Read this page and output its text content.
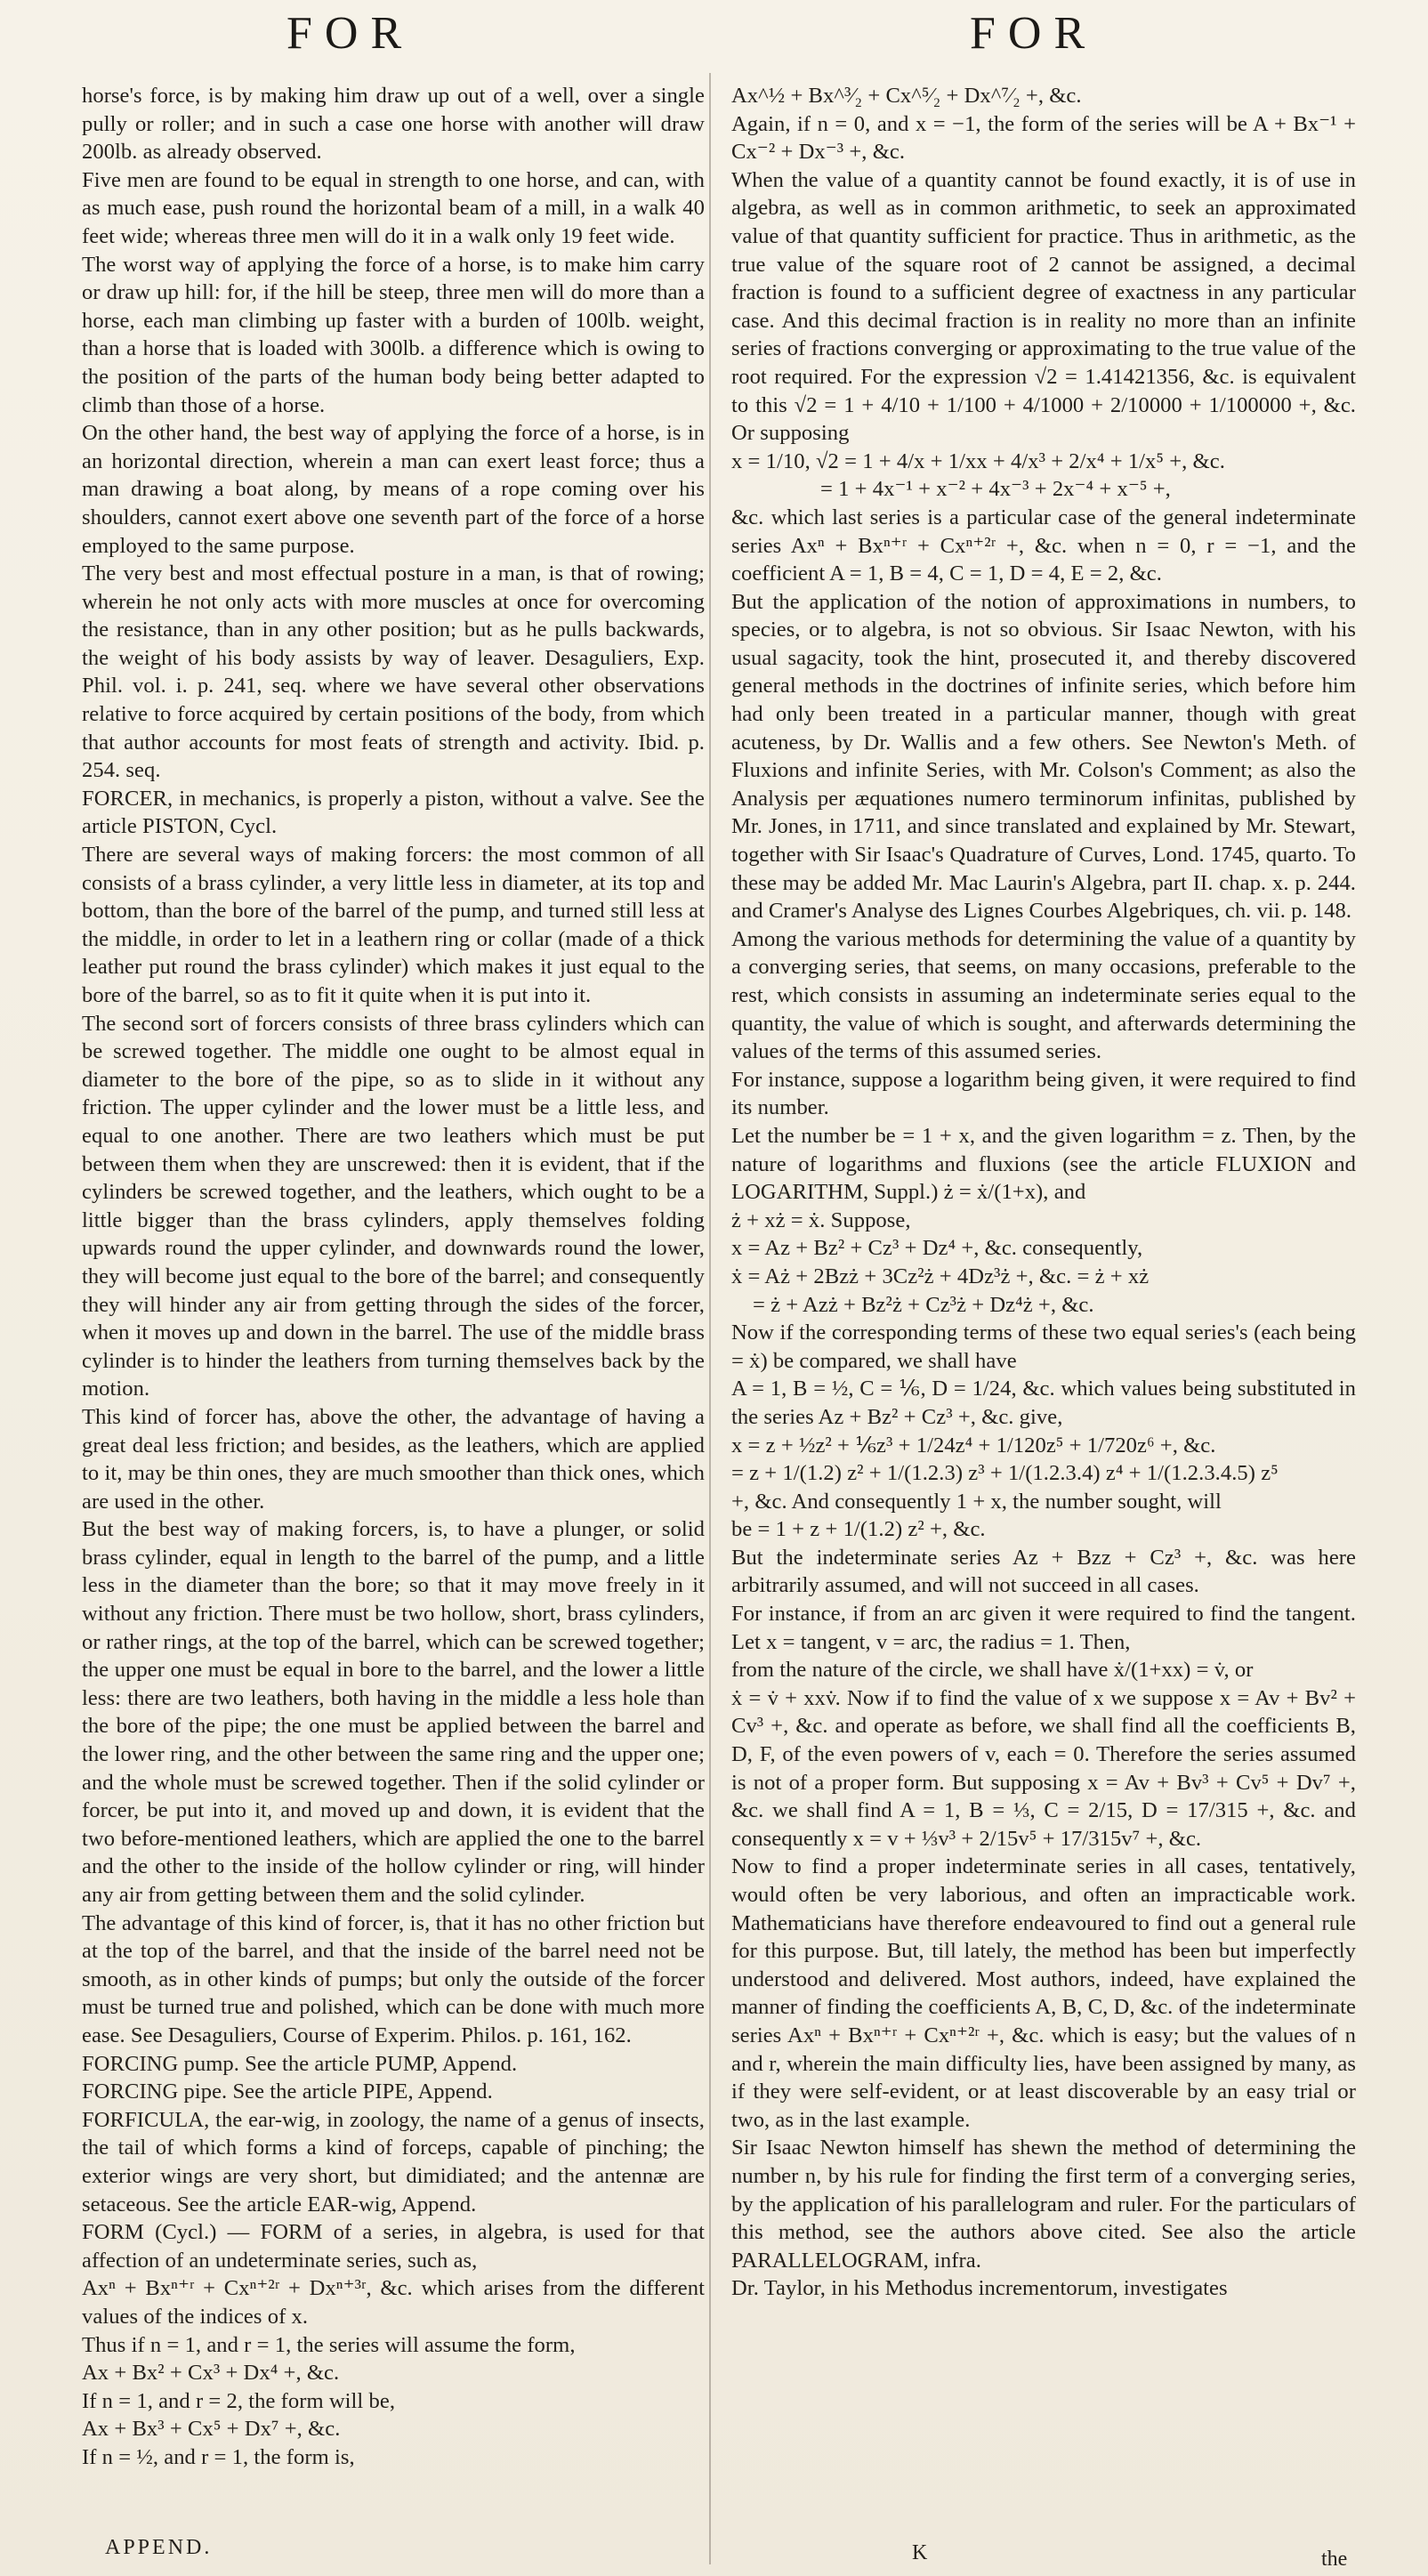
FOR	FOR

horse's force, is by making him draw up out of a well, over a single pully or roller; and in such a case one horse with another will draw 200lb. as already observed.

Five men are found to be equal in strength to one horse, and can, with as much ease, push round the horizontal beam of a mill, in a walk 40 feet wide; whereas three men will do it in a walk only 19 feet wide.

The worst way of applying the force of a horse, is to make him carry or draw up hill: for, if the hill be steep, three men will do more than a horse, each man climbing up faster with a burden of 100lb. weight, than a horse that is loaded with 300lb. a difference which is owing to the position of the parts of the human body being better adapted to climb than those of a horse.

On the other hand, the best way of applying the force of a horse, is in an horizontal direction, wherein a man can exert least force; thus a man drawing a boat along, by means of a rope coming over his shoulders, cannot exert above one seventh part of the force of a horse employed to the same purpose.

The very best and most effectual posture in a man, is that of rowing; wherein he not only acts with more muscles at once for overcoming the resistance, than in any other position; but as he pulls backwards, the weight of his body assists by way of leaver. Desaguliers, Exp. Phil. vol. i. p. 241, seq. where we have several other observations relative to force acquired by certain positions of the body, from which that author accounts for most feats of strength and activity. Ibid. p. 254. seq.

FORCER, in mechanics, is properly a piston, without a valve. See the article PISTON, Cycl.

There are several ways of making forcers: the most common of all consists of a brass cylinder, a very little less in diameter, at its top and bottom, than the bore of the barrel of the pump, and turned still less at the middle, in order to let in a leathern ring or collar (made of a thick leather put round the brass cylinder) which makes it just equal to the bore of the barrel, so as to fit it quite when it is put into it.

The second sort of forcers consists of three brass cylinders which can be screwed together. The middle one ought to be almost equal in diameter to the bore of the pipe, so as to slide in it without any friction. The upper cylinder and the lower must be a little less, and equal to one another. There are two leathers which must be put between them when they are unscrewed: then it is evident, that if the cylinders be screwed together, and the leathers, which ought to be a little bigger than the brass cylinders, apply themselves folding upwards round the upper cylinder, and downwards round the lower, they will become just equal to the bore of the barrel; and consequently they will hinder any air from getting through the sides of the forcer, when it moves up and down in the barrel. The use of the middle brass cylinder is to hinder the leathers from turning themselves back by the motion.

This kind of forcer has, above the other, the advantage of having a great deal less friction; and besides, as the leathers, which are applied to it, may be thin ones, they are much smoother than thick ones, which are used in the other.

But the best way of making forcers, is, to have a plunger, or solid brass cylinder, equal in length to the barrel of the pump, and a little less in the diameter than the bore; so that it may move freely in it without any friction. There must be two hollow, short, brass cylinders, or rather rings, at the top of the barrel, which can be screwed together; the upper one must be equal in bore to the barrel, and the lower a little less: there are two leathers, both having in the middle a less hole than the bore of the pipe; the one must be applied between the barrel and the lower ring, and the other between the same ring and the upper one; and the whole must be screwed together. Then if the solid cylinder or forcer, be put into it, and moved up and down, it is evident that the two before-mentioned leathers, which are applied the one to the barrel and the other to the inside of the hollow cylinder or ring, will hinder any air from getting between them and the solid cylinder.

The advantage of this kind of forcer, is, that it has no other friction but at the top of the barrel, and that the inside of the barrel need not be smooth, as in other kinds of pumps; but only the outside of the forcer must be turned true and polished, which can be done with much more ease. See Desaguliers, Course of Experim. Philos. p. 161, 162.

FORCING pump. See the article PUMP, Append.

FORCING pipe. See the article PIPE, Append.

FORFICULA, the ear-wig, in zoology, the name of a genus of insects, the tail of which forms a kind of forceps, capable of pinching; the exterior wings are very short, but dimidiated; and the antennæ are setaceous. See the article EAR-wig, Append.

FORM (Cycl.) — FORM of a series, in algebra, is used for that affection of an undeterminate series, such as,

Axⁿ + Bxⁿ⁺ʳ + Cxⁿ⁺²ʳ + Dxⁿ⁺³ʳ, &c. which arises from the different values of the indices of x.

Thus if n = 1, and r = 1, the series will assume the form,

Ax + Bx² + Cx³ + Dx⁴ +, &c.

If n = 1, and r = 2, the form will be,

Ax + Bx³ + Cx⁵ + Dx⁷ +, &c.

If n = ½, and r = 1, the form is,

Ax^½ + Bx^³⁄₂ + Cx^⁵⁄₂ + Dx^⁷⁄₂ +, &c.

Again, if n = 0, and x = −1, the form of the series will be A + Bx⁻¹ + Cx⁻² + Dx⁻³ +, &c.

When the value of a quantity cannot be found exactly, it is of use in algebra, as well as in common arithmetic, to seek an approximated value of that quantity sufficient for practice. Thus in arithmetic, as the true value of the square root of 2 cannot be assigned, a decimal fraction is found to a sufficient degree of exactness in any particular case. And this decimal fraction is in reality no more than an infinite series of fractions converging or approximating to the true value of the root required. For the expression √2 = 1.41421356, &c. is equivalent to this √2 = 1 + 4/10 + 1/100 + 4/1000 + 2/10000 + 1/100000 +, &c. Or supposing

x = 1/10, √2 = 1 + 4/x + 1/xx + 4/x³ + 2/x⁴ + 1/x⁵ +, &c.

= 1 + 4x⁻¹ + x⁻² + 4x⁻³ + 2x⁻⁴ + x⁻⁵ +,

&c. which last series is a particular case of the general indeterminate series Axⁿ + Bxⁿ⁺ʳ + Cxⁿ⁺²ʳ +, &c. when n = 0, r = −1, and the coefficient A = 1, B = 4, C = 1, D = 4, E = 2, &c.

But the application of the notion of approximations in numbers, to species, or to algebra, is not so obvious. Sir Isaac Newton, with his usual sagacity, took the hint, prosecuted it, and thereby discovered general methods in the doctrines of infinite series, which before him had only been treated in a particular manner, though with great acuteness, by Dr. Wallis and a few others. See Newton's Meth. of Fluxions and infinite Series, with Mr. Colson's Comment; as also the Analysis per æquationes numero terminorum infinitas, published by Mr. Jones, in 1711, and since translated and explained by Mr. Stewart, together with Sir Isaac's Quadrature of Curves, Lond. 1745, quarto. To these may be added Mr. Mac Laurin's Algebra, part II. chap. x. p. 244. and Cramer's Analyse des Lignes Courbes Algebriques, ch. vii. p. 148.

Among the various methods for determining the value of a quantity by a converging series, that seems, on many occasions, preferable to the rest, which consists in assuming an indeterminate series equal to the quantity, the value of which is sought, and afterwards determining the values of the terms of this assumed series.

For instance, suppose a logarithm being given, it were required to find its number.

Let the number be = 1 + x, and the given logarithm = z. Then, by the nature of logarithms and fluxions (see the article FLUXION and LOGARITHM, Suppl.) ż = ẋ/(1+x), and

ż + xż = ẋ. Suppose,

x = Az + Bz² + Cz³ + Dz⁴ +, &c. consequently,

ẋ = Aż + 2Bzż + 3Cz²ż + 4Dz³ż +, &c. = ż + xż

= ż + Azż + Bz²ż + Cz³ż + Dz⁴ż +, &c.

Now if the corresponding terms of these two equal series's (each being = ẋ) be compared, we shall have

A = 1, B = ½, C = ⅙, D = 1/24, &c. which values being substituted in the series Az + Bz² + Cz³ +, &c. give,

x = z + ½z² + ⅙z³ + 1/24z⁴ + 1/120z⁵ + 1/720z⁶ +, &c.

= z + 1/(1.2) z² + 1/(1.2.3) z³ + 1/(1.2.3.4) z⁴ + 1/(1.2.3.4.5) z⁵

+, &c. And consequently 1 + x, the number sought, will

be = 1 + z + 1/(1.2) z² +, &c.

But the indeterminate series Az + Bzz + Cz³ +, &c. was here arbitrarily assumed, and will not succeed in all cases.

For instance, if from an arc given it were required to find the tangent. Let x = tangent, v = arc, the radius = 1. Then,

from the nature of the circle, we shall have ẋ/(1+xx) = v̇, or

ẋ = v̇ + xxv̇. Now if to find the value of x we suppose x = Av + Bv² + Cv³ +, &c. and operate as before, we shall find all the coefficients B, D, F, of the even powers of v, each = 0. Therefore the series assumed is not of a proper form. But supposing x = Av + Bv³ + Cv⁵ + Dv⁷ +, &c. we shall find A = 1, B = ⅓, C = 2/15, D = 17/315 +, &c. and consequently x = v + ⅓v³ + 2/15v⁵ + 17/315v⁷ +, &c.

Now to find a proper indeterminate series in all cases, tentatively, would often be very laborious, and often an impracticable work. Mathematicians have therefore endeavoured to find out a general rule for this purpose. But, till lately, the method has been but imperfectly understood and delivered. Most authors, indeed, have explained the manner of finding the coefficients A, B, C, D, &c. of the indeterminate series Axⁿ + Bxⁿ⁺ʳ + Cxⁿ⁺²ʳ +, &c. which is easy; but the values of n and r, wherein the main difficulty lies, have been assigned by many, as if they were self-evident, or at least discoverable by an easy trial or two, as in the last example.

Sir Isaac Newton himself has shewn the method of determining the number n, by his rule for finding the first term of a converging series, by the application of his parallelogram and ruler. For the particulars of this method, see the authors above cited. See also the article PARALLELOGRAM, infra.

Dr. Taylor, in his Methodus incrementorum, investigates

APPEND.	K	the
